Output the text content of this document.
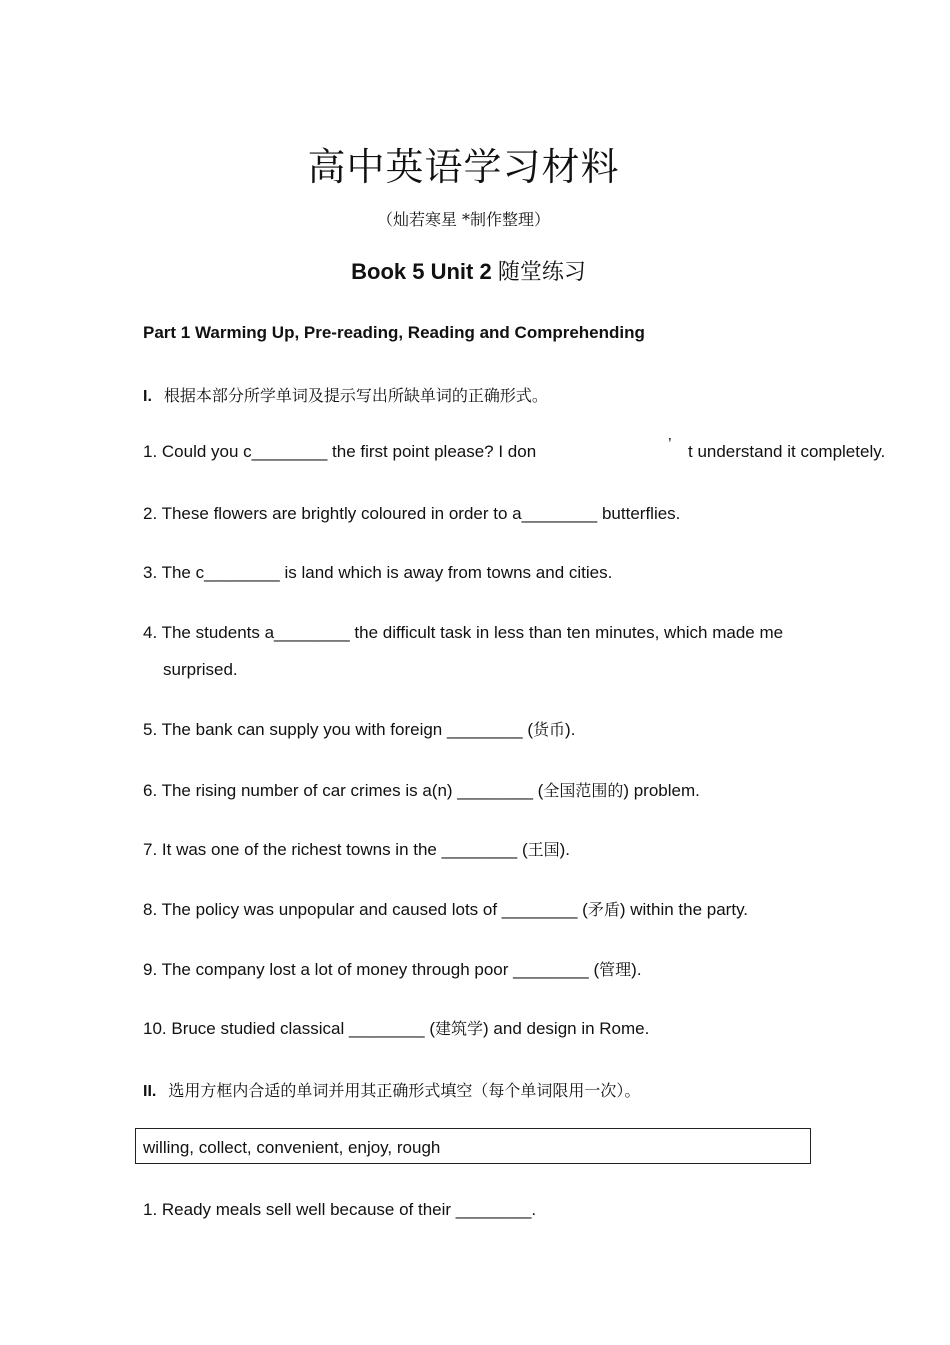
高中英语学习材料
（灿若寒星 *制作整理）
Book 5 Unit 2 随堂练习
Part 1 Warming Up, Pre-reading, Reading and Comprehending
I. 根据本部分所学单词及提示写出所缺单词的正确形式。
1. Could you c________ the first point please? I don	’ t understand it completely.
2. These flowers are brightly coloured in order to a________ butterflies.
3. The c________ is land which is away from towns and cities.
4. The students a________ the difficult task in less than ten minutes, which made me
surprised.
5. The bank can supply you with foreign ________ (货币).
6. The rising number of car crimes is a(n) ________ (全国范围的) problem.
7. It was one of the richest towns in the ________ (王国).
8. The policy was unpopular and caused lots of ________ (矛盾) within the party.
9. The company lost a lot of money through poor ________ (管理).
10. Bruce studied classical ________ (建筑学) and design in Rome.
II. 选用方框内合适的单词并用其正确形式填空（每个单词限用一次）。
willing, collect, convenient, enjoy, rough
1. Ready meals sell well because of their ________.
